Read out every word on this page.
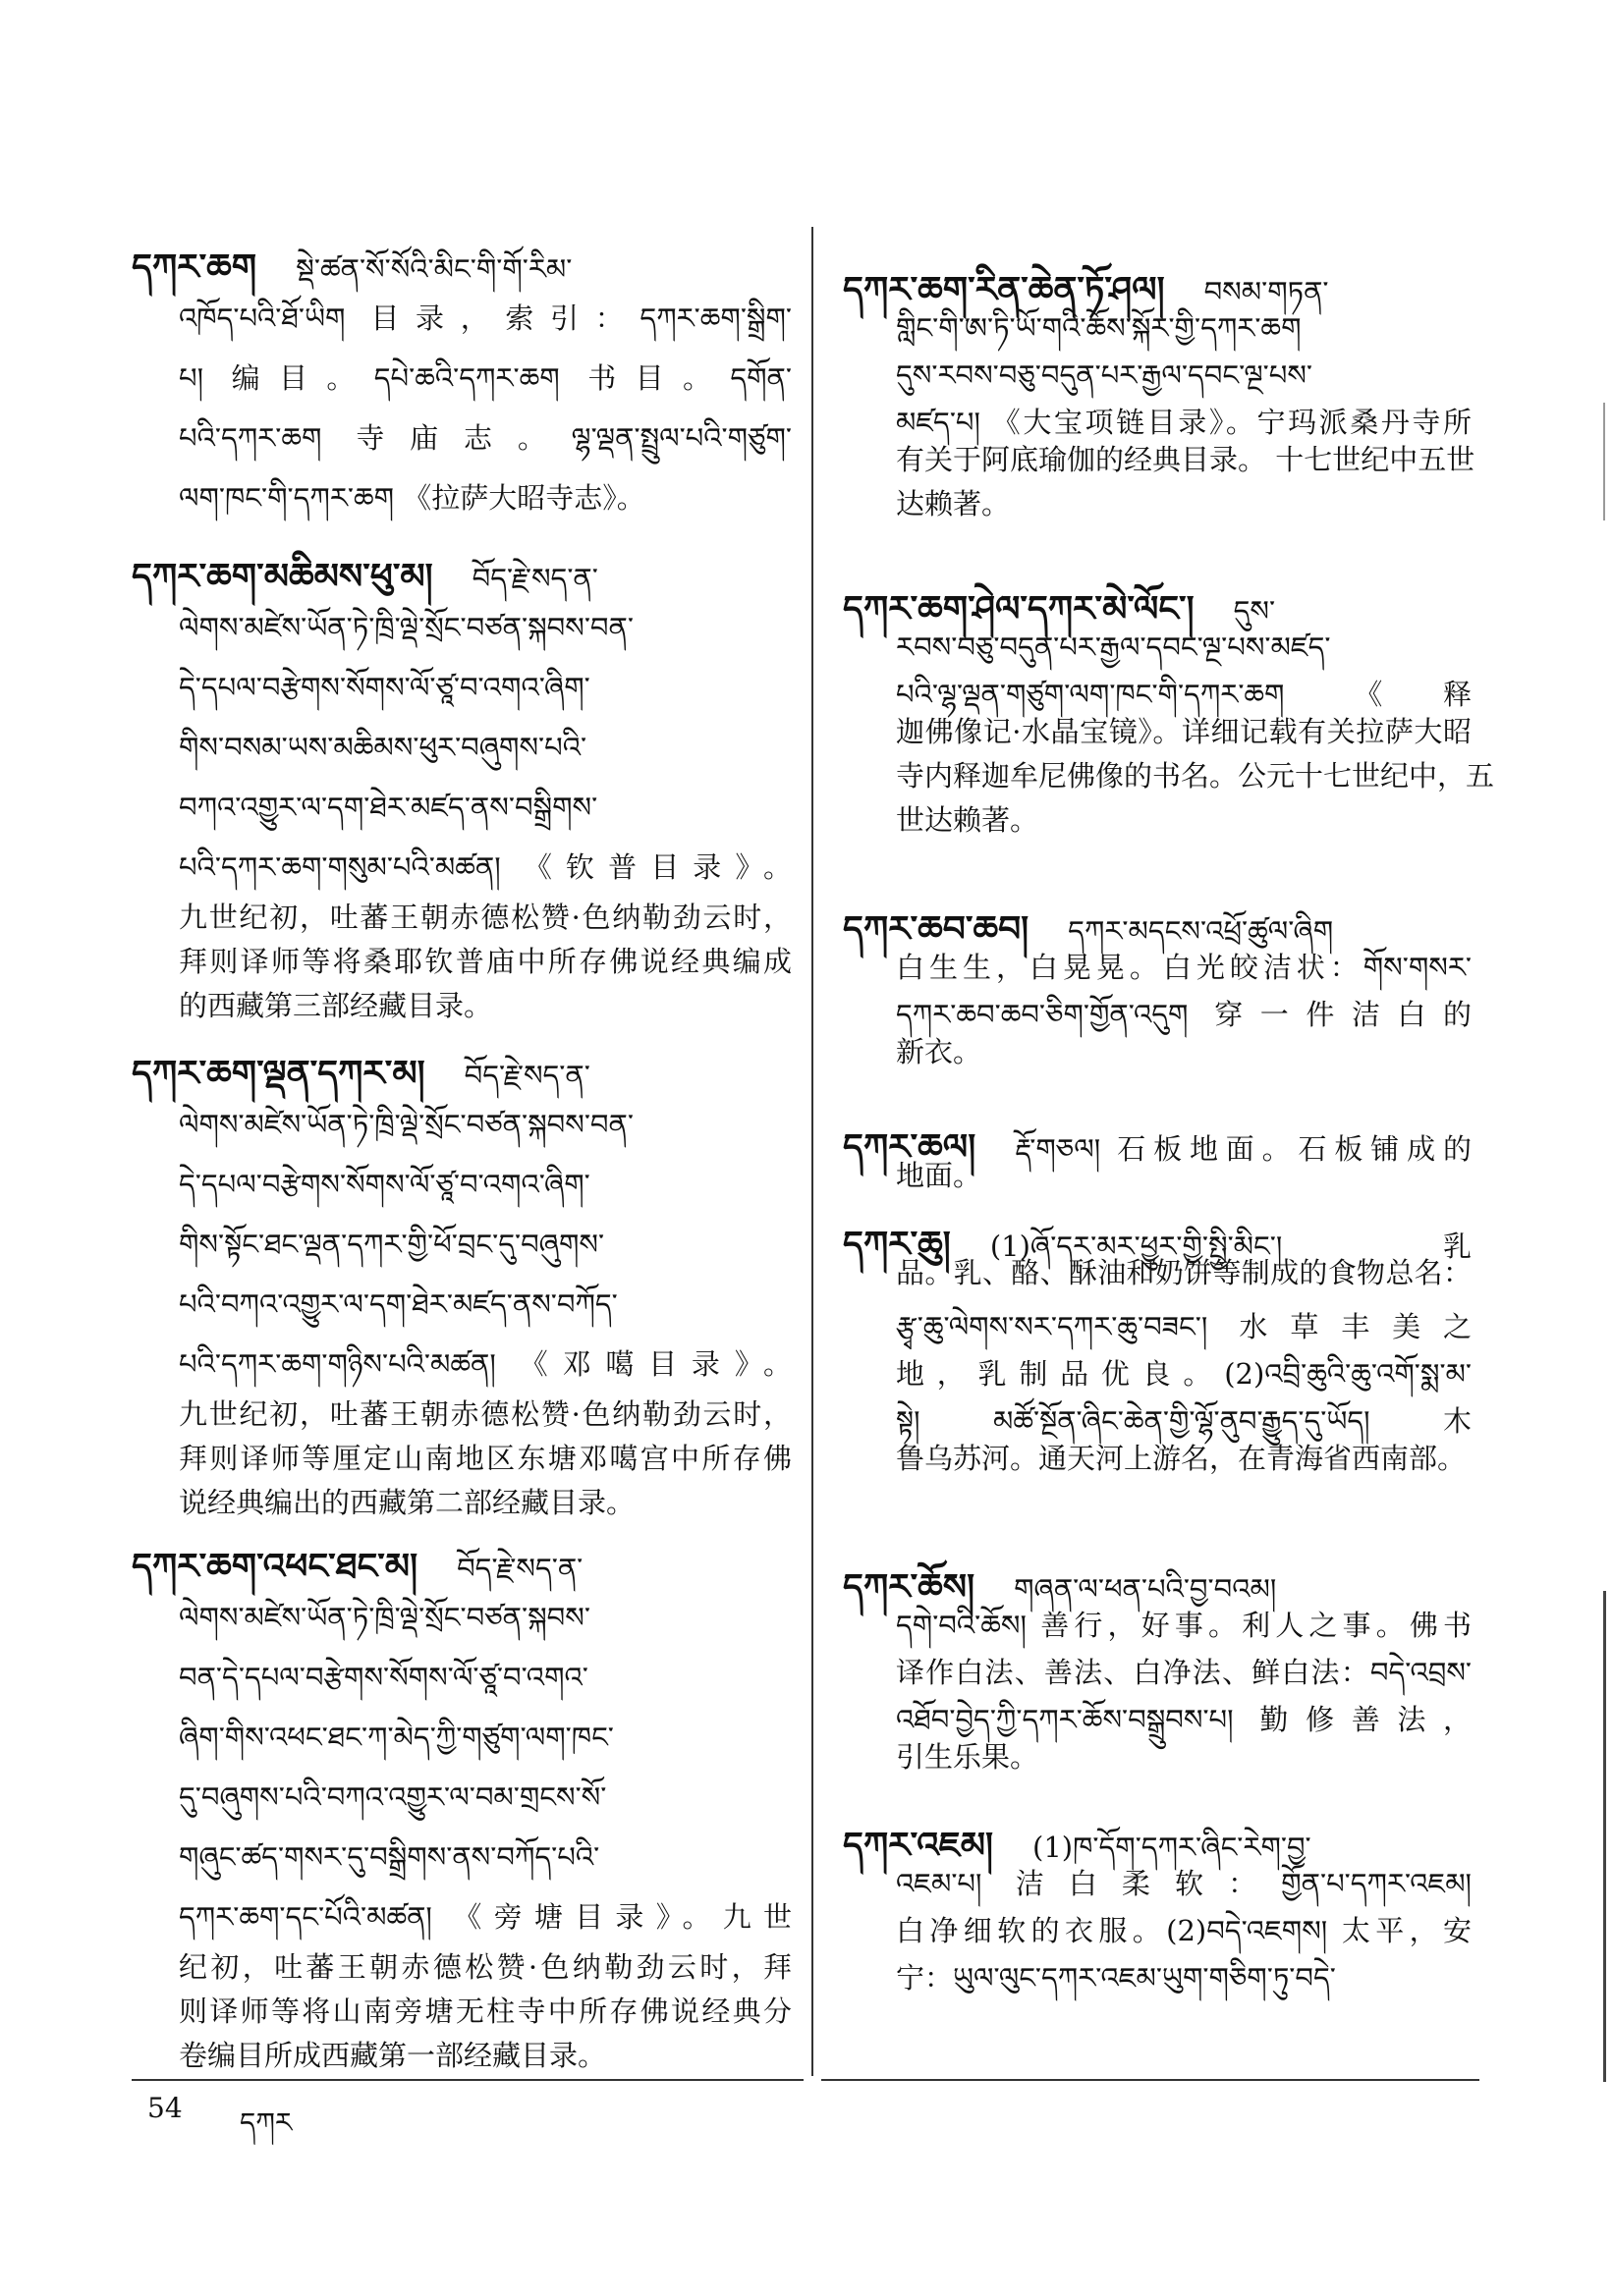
དཀར་ཆག སྡེ་ཚན་སོ་སོའི་མིང་གི་གོ་རིམ་
འཁོད་པའི་ཐོ་ཡིག 目录，索引：དཀར་ཆག་སྒྲིག་
པ། 编目。དཔེ་ཆའི་དཀར་ཆག 书目。དགོན་
པའི་དཀར་ཆག 寺庙志。ལྷ་ལྡན་སྤྲུལ་པའི་གཙུག་
ལག་ཁང་གི་དཀར་ཆག 《拉萨大昭寺志》。
དཀར་ཆག་མཆིམས་ཕུ་མ། བོད་རྗེ་སད་ན་
ལེགས་མཛེས་ཡོན་ཏེ་ཁྲི་ལྡེ་སྲོང་བཙན་སྐབས་བན་
དེ་དཔལ་བརྩེགས་སོགས་ལོ་ཙཱ་བ་འགའ་ཞིག་
གིས་བསམ་ཡས་མཆིམས་ཕུར་བཞུགས་པའི་
བཀའ་འགྱུར་ལ་དག་ཐེར་མཛད་ནས་བསྒྲིགས་
པའི་དཀར་ཆག་གསུམ་པའི་མཚན། 《钦普目录》。
九世纪初，吐蕃王朝赤德松赞·色纳勒劲云时，
拜则译师等将桑耶钦普庙中所存佛说经典编成
的西藏第三部经藏目录。
དཀར་ཆག་ལྡན་དཀར་མ། བོད་རྗེ་སད་ན་
ལེགས་མཛེས་ཡོན་ཏེ་ཁྲི་ལྡེ་སྲོང་བཙན་སྐབས་བན་
དེ་དཔལ་བརྩེགས་སོགས་ལོ་ཙཱ་བ་འགའ་ཞིག་
གིས་སྟོང་ཐང་ལྡན་དཀར་གྱི་ཕོ་བྲང་དུ་བཞུགས་
པའི་བཀའ་འགྱུར་ལ་དག་ཐེར་མཛད་ནས་བཀོད་
པའི་དཀར་ཆག་གཉིས་པའི་མཚན། 《邓噶目录》。
九世纪初，吐蕃王朝赤德松赞·色纳勒劲云时，
拜则译师等厘定山南地区东塘邓噶宫中所存佛
说经典编出的西藏第二部经藏目录。
དཀར་ཆག་འཕང་ཐང་མ། བོད་རྗེ་སད་ན་
ལེགས་མཛེས་ཡོན་ཏེ་ཁྲི་ལྡེ་སྲོང་བཙན་སྐབས་
བན་དེ་དཔལ་བརྩེགས་སོགས་ལོ་ཙཱ་བ་འགའ་
ཞིག་གིས་འཕང་ཐང་ཀ་མེད་ཀྱི་གཙུག་ལག་ཁང་
དུ་བཞུགས་པའི་བཀའ་འགྱུར་ལ་བམ་གྲངས་སོ་
གཞུང་ཚད་གསར་དུ་བསྒྲིགས་ནས་བཀོད་པའི་
དཀར་ཆག་དང་པོའི་མཚན། 《旁塘目录》。九世
纪初，吐蕃王朝赤德松赞·色纳勒劲云时，拜
则译师等将山南旁塘无柱寺中所存佛说经典分
卷编目所成西藏第一部经藏目录。
དཀར་ཆག་རིན་ཆེན་ཏོ་ཤལ། བསམ་གཏན་
གླིང་གི་ཨ་ཏི་ཡོ་གའི་ཆོས་སྐོར་གྱི་དཀར་ཆག
དུས་རབས་བཅུ་བདུན་པར་རྒྱལ་དབང་ལྔ་པས་
མཛད་པ། 《大宝项链目录》。宁玛派桑丹寺所
有关于阿底瑜伽的经典目录。 十七世纪中五世
达赖著。
དཀར་ཆག་ཤེལ་དཀར་མེ་ལོང་། དུས་
རབས་བཅུ་བདུན་པར་རྒྱལ་དབང་ལྔ་པས་མཛད་
པའི་ལྷ་ལྡན་གཙུག་ལག་ཁང་གི་དཀར་ཆག 《释
迦佛像记·水晶宝镜》。详细记载有关拉萨大昭
寺内释迦牟尼佛像的书名。公元十七世纪中，五
世达赖著。
དཀར་ཆབ་ཆབ། དཀར་མདངས་འཕྲོ་ཚུལ་ཞིག
白生生，白晃晃。白光皎洁状：གོས་གསར་
དཀར་ཆབ་ཆབ་ཅིག་གྱོན་འདུག 穿一件洁白的
新衣。
དཀར་ཆལ། རྡོ་གཅལ། 石板地面。石板铺成的
地面。
དཀར་ཆུ། (1)ཞོ་དར་མར་ཕྱུར་གྱི་སྤྱི་མིང་། 乳
品。乳、酪、酥油和奶饼等制成的食物总名：
རྩྭ་ཆུ་ལེགས་སར་དཀར་ཆུ་བཟང་། 水草丰美之
地，乳制品优良。(2)འབྲི་ཆུའི་ཆུ་འགོ་སྨ་མ་
སྟེ། མཚོ་སྔོན་ཞིང་ཆེན་གྱི་ལྷོ་ནུབ་རྒྱུད་དུ་ཡོད། 木
鲁乌苏河。通天河上游名，在青海省西南部。
དཀར་ཆོས། གཞན་ལ་ཕན་པའི་བྱ་བའམ།
དགེ་བའི་ཆོས། 善行，好事。利人之事。佛书
译作白法、善法、白净法、鲜白法：བདེ་འབྲས་
འཐོབ་བྱེད་ཀྱི་དཀར་ཆོས་བསྒྲུབས་པ། 勤修善法，
引生乐果。
དཀར་འཇམ། (1)ཁ་དོག་དཀར་ཞིང་རེག་བྱ་
འཇམ་པ། 洁白柔软：གྱོན་པ་དཀར་འཇམ།
白净细软的衣服。(2)བདེ་འཇགས། 太平，安
宁：ཡུལ་ལུང་དཀར་འཇམ་ཡུག་གཅིག་ཏུ་བདེ་
54 དཀར
